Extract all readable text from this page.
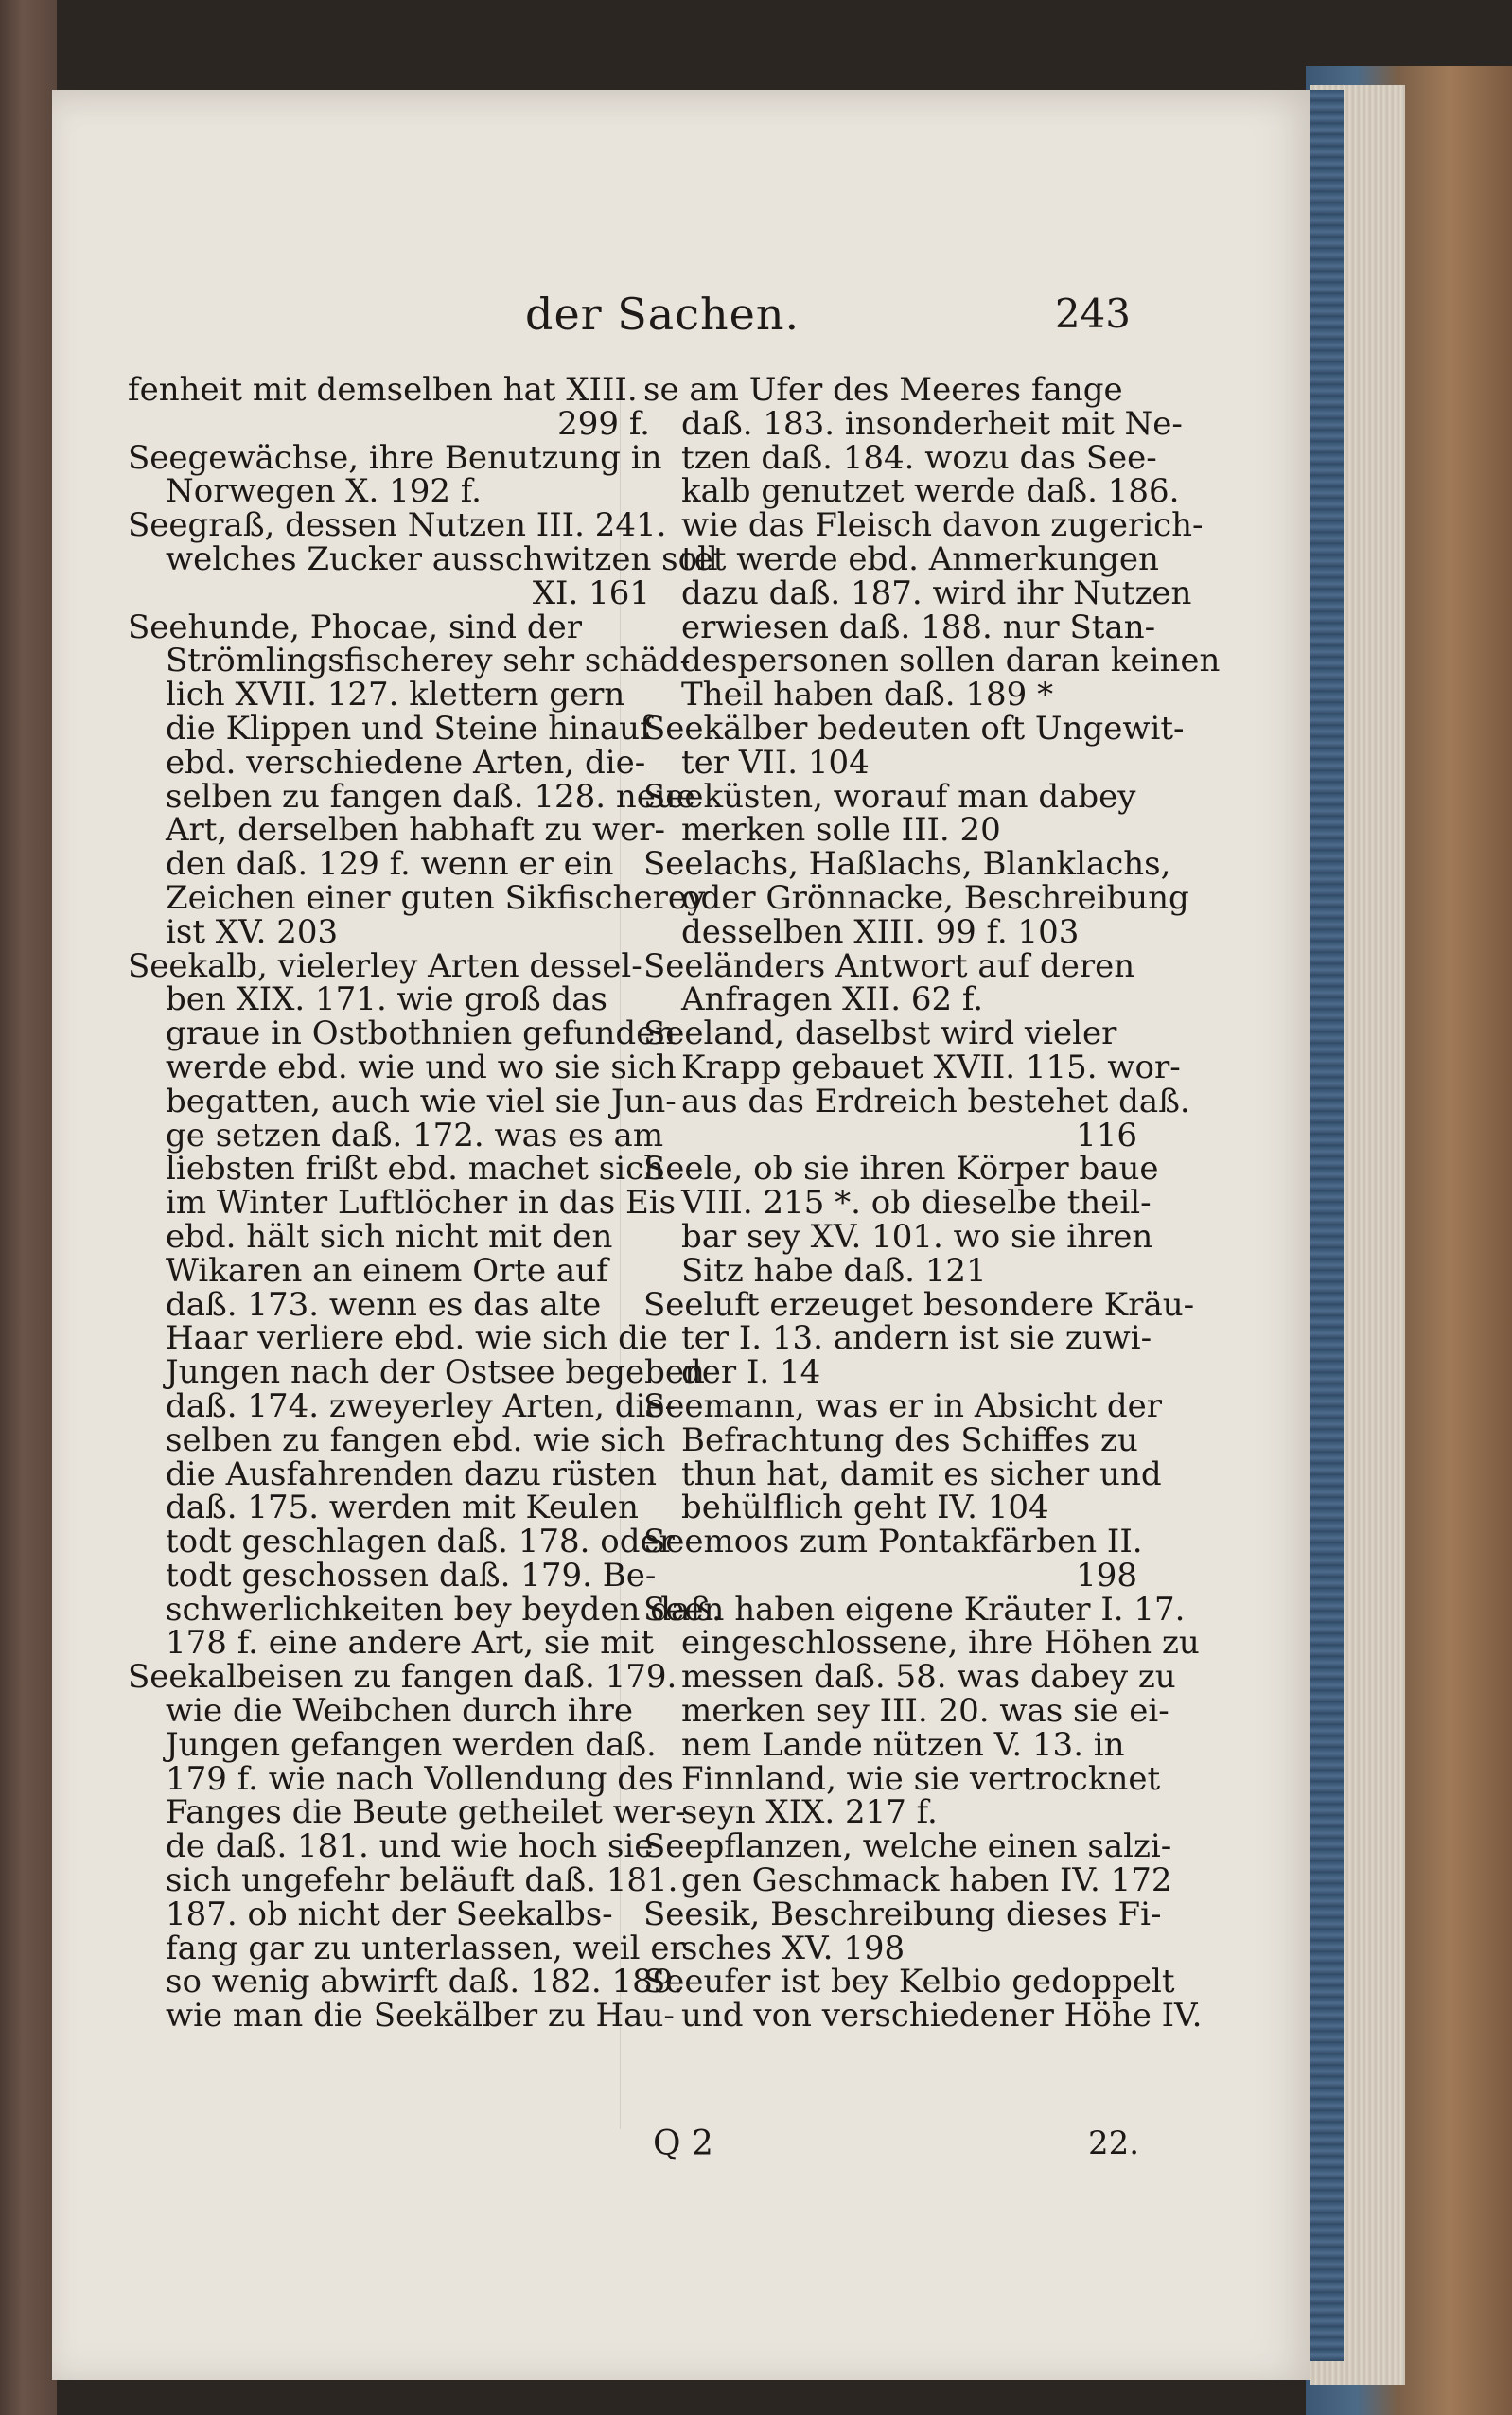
der Sachen.	243
fenheit mit demselben hat XIII.
299 f.
Seegewächse, ihre Benutzung in
Norwegen X. 192 f.
Seegraß, dessen Nutzen III. 241.
welches Zucker ausschwitzen soll
XI. 161
Seehunde, Phocae, sind der
Strömlingsfischerey sehr schäd-
lich XVII. 127. klettern gern
die Klippen und Steine hinauf
ebd. verschiedene Arten, die-
selben zu fangen daß. 128. neue
Art, derselben habhaft zu wer-
den daß. 129 f. wenn er ein
Zeichen einer guten Sikfischerey
ist XV. 203
Seekalb, vielerley Arten dessel-
ben XIX. 171. wie groß das
graue in Ostbothnien gefunden
werde ebd. wie und wo sie sich
begatten, auch wie viel sie Jun-
ge setzen daß. 172. was es am
liebsten frißt ebd. machet sich
im Winter Luftlöcher in das Eis
ebd. hält sich nicht mit den
Wikaren an einem Orte auf
daß. 173. wenn es das alte
Haar verliere ebd. wie sich die
Jungen nach der Ostsee begeben
daß. 174. zweyerley Arten, die-
selben zu fangen ebd. wie sich
die Ausfahrenden dazu rüsten
daß. 175. werden mit Keulen
todt geschlagen daß. 178. oder
todt geschossen daß. 179. Be-
schwerlichkeiten bey beyden daß.
178 f. eine andere Art, sie mit
Seekalbeisen zu fangen daß. 179.
wie die Weibchen durch ihre
Jungen gefangen werden daß.
179 f. wie nach Vollendung des
Fanges die Beute getheilet wer-
de daß. 181. und wie hoch sie
sich ungefehr beläuft daß. 181.
187. ob nicht der Seekalbs-
fang gar zu unterlassen, weil er
so wenig abwirft daß. 182. 189.
wie man die Seekälber zu Hau-
se am Ufer des Meeres fange
daß. 183. insonderheit mit Ne-
tzen daß. 184. wozu das See-
kalb genutzet werde daß. 186.
wie das Fleisch davon zugerich-
tet werde ebd. Anmerkungen
dazu daß. 187. wird ihr Nutzen
erwiesen daß. 188. nur Stan-
despersonen sollen daran keinen
Theil haben daß. 189 *
Seekälber bedeuten oft Ungewit-
ter VII. 104
Seeküsten, worauf man dabey
merken solle III. 20
Seelachs, Haßlachs, Blanklachs,
oder Grönnacke, Beschreibung
desselben XIII. 99 f. 103
Seeländers Antwort auf deren
Anfragen XII. 62 f.
Seeland, daselbst wird vieler
Krapp gebauet XVII. 115. wor-
aus das Erdreich bestehet daß.
116
Seele, ob sie ihren Körper baue
VIII. 215 *. ob dieselbe theil-
bar sey XV. 101. wo sie ihren
Sitz habe daß. 121
Seeluft erzeuget besondere Kräu-
ter I. 13. andern ist sie zuwi-
der I. 14
Seemann, was er in Absicht der
Befrachtung des Schiffes zu
thun hat, damit es sicher und
behülflich geht IV. 104
Seemoos zum Pontakfärben II.
198
Seen haben eigene Kräuter I. 17.
eingeschlossene, ihre Höhen zu
messen daß. 58. was dabey zu
merken sey III. 20. was sie ei-
nem Lande nützen V. 13. in
Finnland, wie sie vertrocknet
seyn XIX. 217 f.
Seepflanzen, welche einen salzi-
gen Geschmack haben IV. 172
Seesik, Beschreibung dieses Fi-
sches XV. 198
Seeufer ist bey Kelbio gedoppelt
und von verschiedener Höhe IV.
Q 2	22.
